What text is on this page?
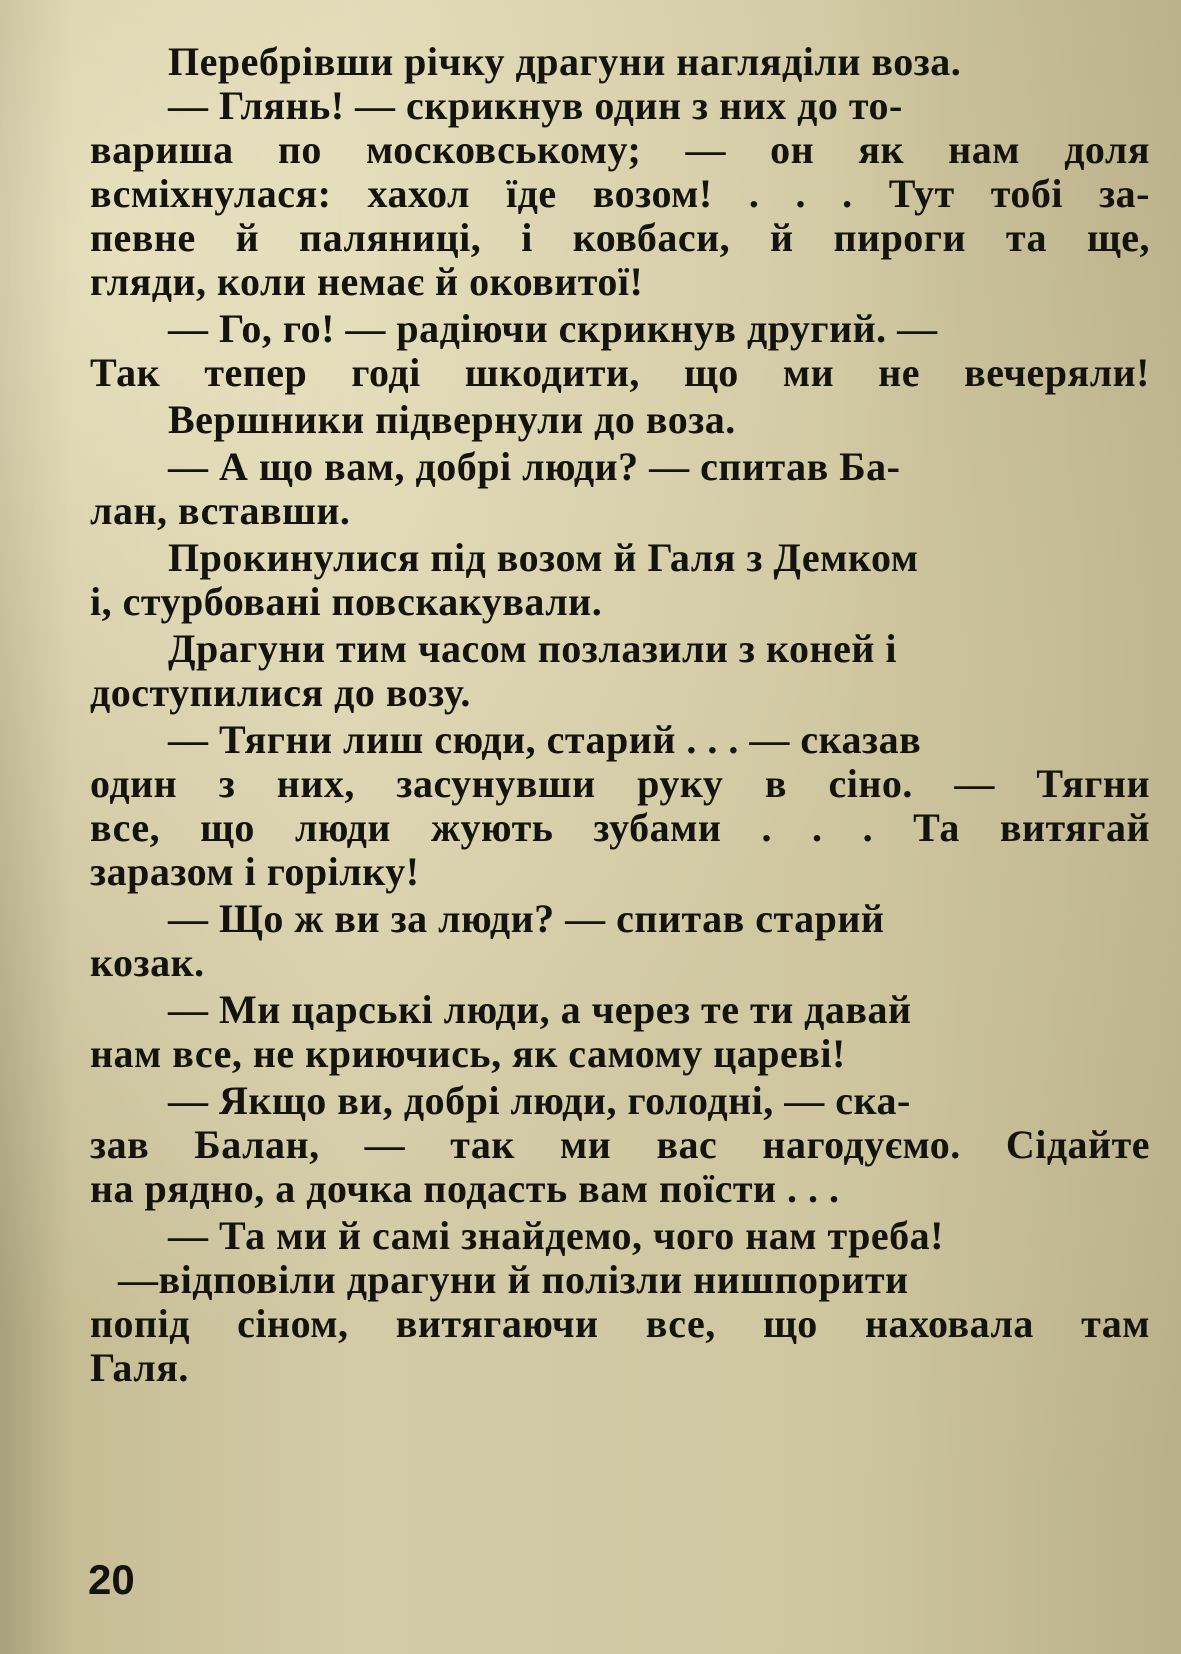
Перебрівши річку драгуни нагляділи воза.
— Глянь! — скрикнув один з них до то-
вариша по московському; — он як нам доля
всміхнулася: хахол їде возом! . . . Тут тобі за-
певне й паляниці, і ковбаси, й пироги та ще,
гляди, коли немає й оковитої!
— Го, го! — радіючи скрикнув другий. —
Так тепер годі шкодити, що ми не вечеряли!
Вершники підвернули до воза.
— А що вам, добрі люди? — спитав Ба-
лан, вставши.
Прокинулися під возом й Галя з Демком
і, стурбовані повскакували.
Драгуни тим часом позлазили з коней і
доступилися до возу.
— Тягни лиш сюди, старий . . . — сказав
один з них, засунувши руку в сіно. — Тягни
все, що люди жують зубами . . . Та витягай
заразом і горілку!
— Що ж ви за люди? — спитав старий
козак.
— Ми царські люди, а через те ти давай
нам все, не криючись, як самому цареві!
— Якщо ви, добрі люди, голодні, — ска-
зав Балан, — так ми вас нагодуємо. Сідайте
на рядно, а дочка подасть вам поїсти . . .
— Та ми й самі знайдемо, чого нам треба!
—відповіли драгуни й полізли нишпорити
попід сіном, витягаючи все, що наховала там
Галя.
20
